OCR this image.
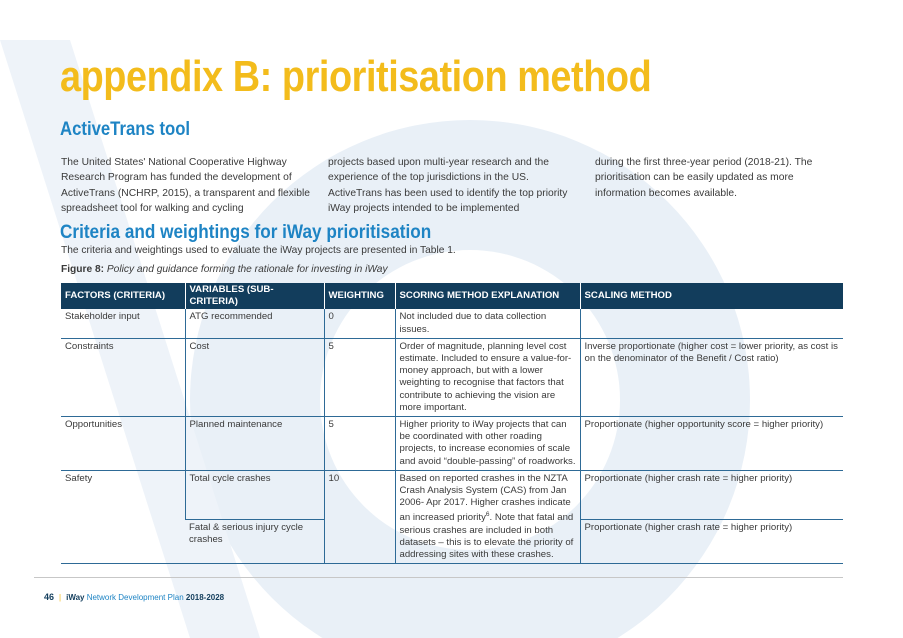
appendix B: prioritisation method
ActiveTrans tool
The United States' National Cooperative Highway Research Program has funded the development of ActiveTrans (NCHRP, 2015), a transparent and flexible spreadsheet tool for walking and cycling
projects based upon multi-year research and the experience of the top jurisdictions in the US. ActiveTrans has been used to identify the top priority iWay projects intended to be implemented
during the first three-year period (2018-21). The prioritisation can be easily updated as more information becomes available.
Criteria and weightings for iWay prioritisation
The criteria and weightings used to evaluate the iWay projects are presented in Table 1.
Figure 8: Policy and guidance forming the rationale for investing in iWay
FACTORS (CRITERIA)	VARIABLES (SUB-CRITERIA)	WEIGHTING	SCORING METHOD EXPLANATION	SCALING METHOD
Stakeholder input	ATG recommended	0	Not included due to data collection issues.	
Constraints	Cost	5	Order of magnitude, planning level cost estimate. Included to ensure a value-for-money approach, but with a lower weighting to recognise that factors that contribute to achieving the vision are more important.	Inverse proportionate (higher cost = lower priority, as cost is on the denominator of the Benefit / Cost ratio)
Opportunities	Planned maintenance	5	Higher priority to iWay projects that can be coordinated with other roading projects, to increase economies of scale and avoid “double-passing” of roadworks.	Proportionate (higher opportunity score = higher priority)
Safety	Total cycle crashes	10	Based on reported crashes in the NZTA Crash Analysis System (CAS) from Jan 2006- Apr 2017. Higher crashes indicate an increased priority$^6$. Note that fatal and serious crashes are included in both datasets – this is to elevate the priority of addressing sites with these crashes.	Proportionate (higher crash rate = higher priority)
	Fatal & serious injury cycle crashes			Proportionate (higher crash rate = higher priority)
46 | iWay Network Development Plan 2018-2028
